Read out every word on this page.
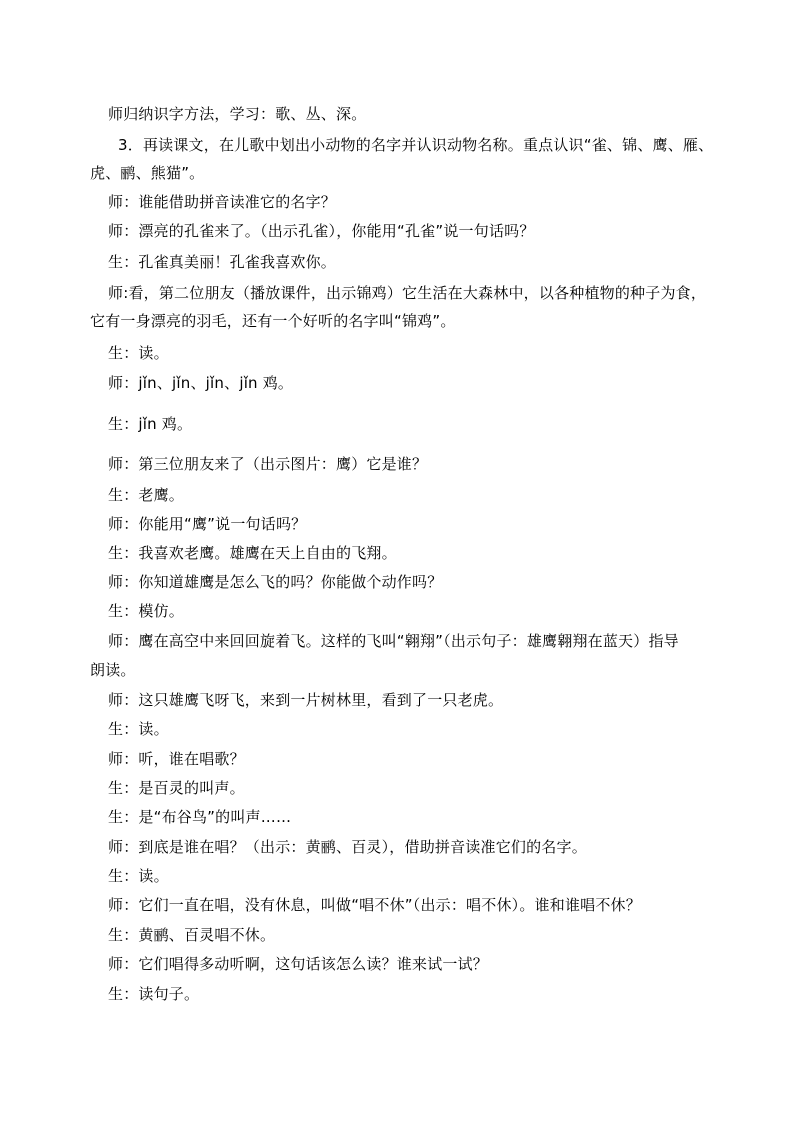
师归纳识字方法，学习：歌、丛、深。
3．再读课文，在儿歌中划出小动物的名字并认识动物名称。重点认识“雀、锦、鹰、雁、
虎、鹂、熊猫”。
师：谁能借助拼音读准它的名字？
师：漂亮的孔雀来了。（出示孔雀），你能用“孔雀”说一句话吗？
生：孔雀真美丽！孔雀我喜欢你。
师:看，第二位朋友（播放课件，出示锦鸡）它生活在大森林中，以各种植物的种子为食，
它有一身漂亮的羽毛，还有一个好听的名字叫“锦鸡”。
生：读。
师：jǐn、jǐn、jǐn、jǐn 鸡。
生：jǐn 鸡。
师：第三位朋友来了（出示图片：鹰）它是谁？
生：老鹰。
师：你能用“鹰”说一句话吗？
生：我喜欢老鹰。雄鹰在天上自由的飞翔。
师：你知道雄鹰是怎么飞的吗？你能做个动作吗？
生：模仿。
师：鹰在高空中来回回旋着飞。这样的飞叫“翱翔”（出示句子：雄鹰翱翔在蓝天）指导
朗读。
师：这只雄鹰飞呀飞，来到一片树林里，看到了一只老虎。
生：读。
师：听，谁在唱歌？
生：是百灵的叫声。
生：是“布谷鸟”的叫声……
师：到底是谁在唱？（出示：黄鹂、百灵），借助拼音读准它们的名字。
生：读。
师：它们一直在唱，没有休息，叫做“唱不休”（出示：唱不休）。谁和谁唱不休？
生：黄鹂、百灵唱不休。
师：它们唱得多动听啊，这句话该怎么读？谁来试一试？
生：读句子。
